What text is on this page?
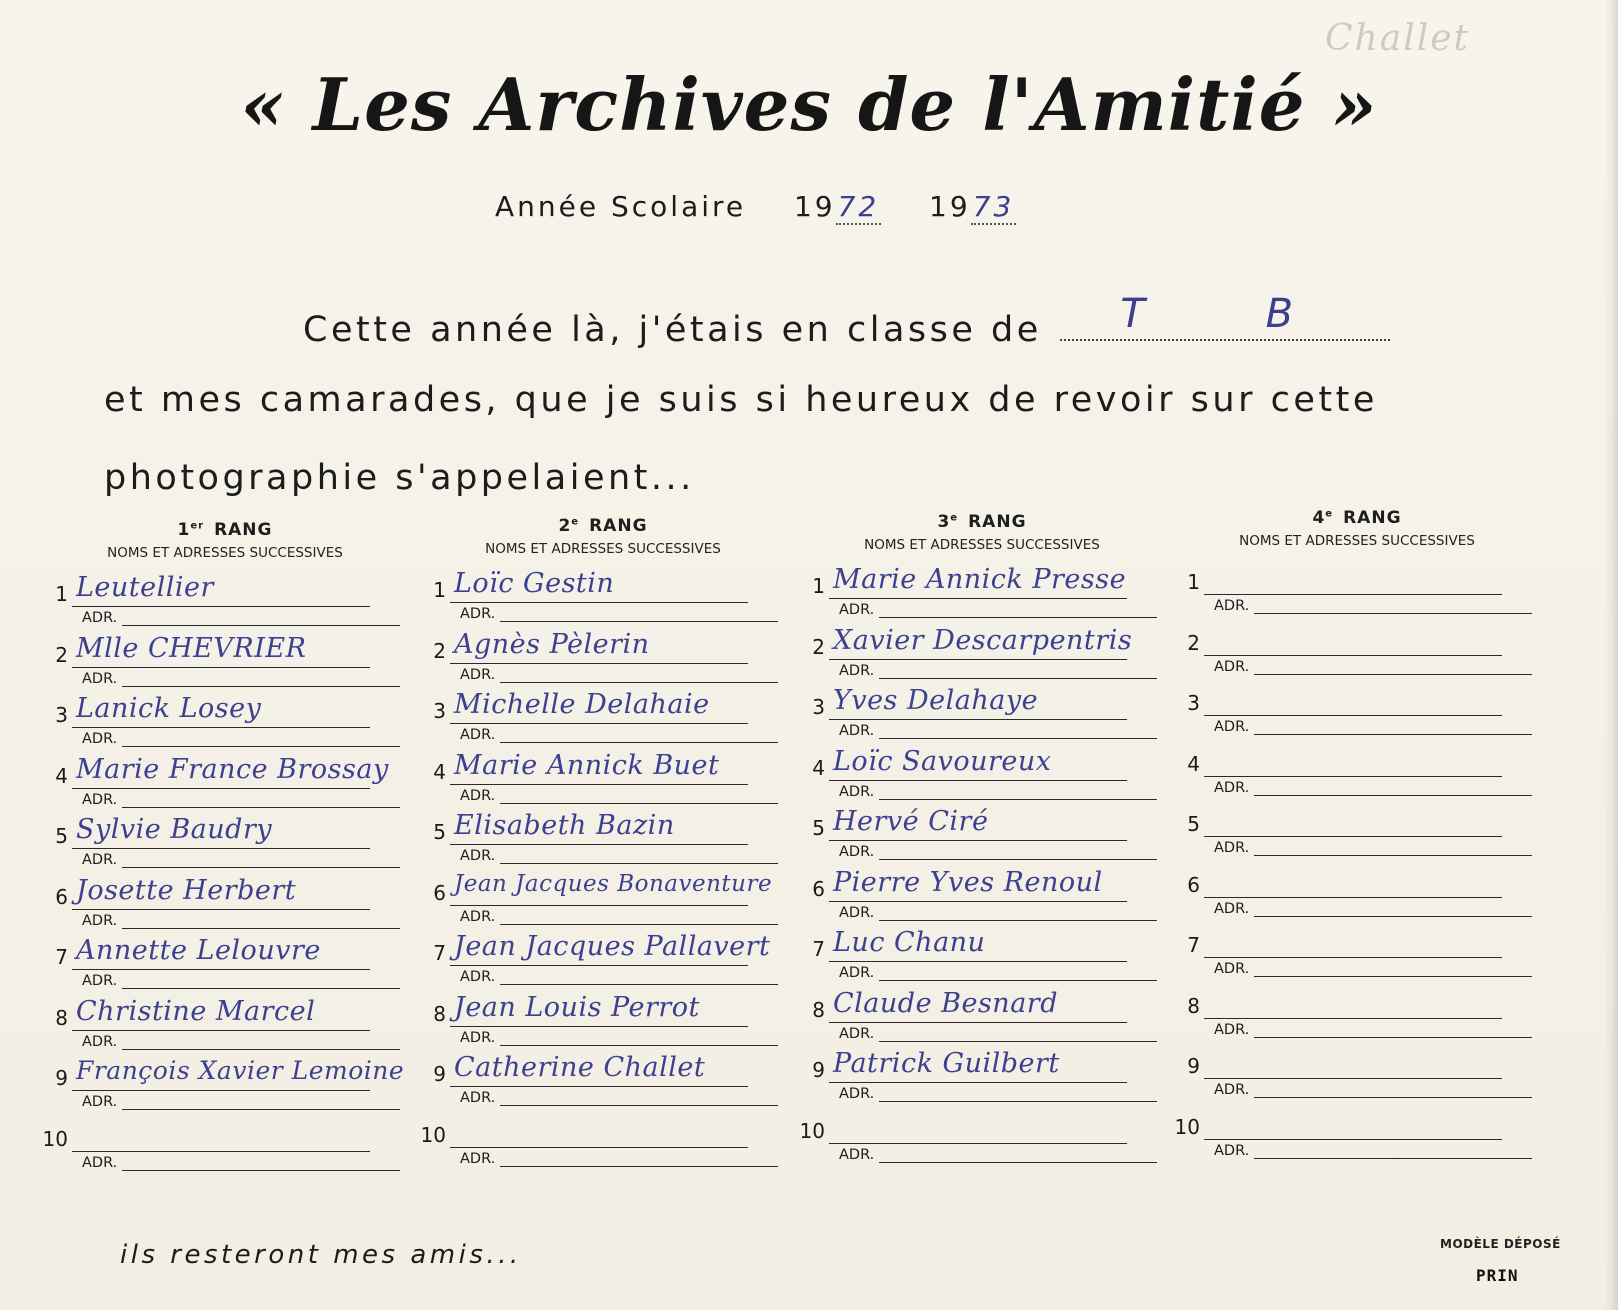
Challet
« Les Archives de l'Amitié »
Année Scolaire 1972 1973
Cette année là, j'étais en classe de T B
et mes camarades, que je suis si heureux de revoir sur cette
photographie s'appelaient...
1er RANG
NOMS ET ADRESSES SUCCESSIVES
1 Leutellier
ADR.
2 Mlle CHEVRIER
ADR.
3 Lanick Losey
ADR.
4 Marie France Brossay
ADR.
5 Sylvie Baudry
ADR.
6 Josette Herbert
ADR.
7 Annette Lelouvre
ADR.
8 Christine Marcel
ADR.
9 François Xavier Lemoine
ADR.
10
ADR.
2e RANG
NOMS ET ADRESSES SUCCESSIVES
1 Loïc Gestin
ADR.
2 Agnès Pèlerin
ADR.
3 Michelle Delahaie
ADR.
4 Marie Annick Buet
ADR.
5 Elisabeth Bazin
ADR.
6 Jean Jacques Bonaventure
ADR.
7 Jean Jacques Pallavert
ADR.
8 Jean Louis Perrot
ADR.
9 Catherine Challet
ADR.
10
ADR.
3e RANG
NOMS ET ADRESSES SUCCESSIVES
1 Marie Annick Presse
ADR.
2 Xavier Descarpentris
ADR.
3 Yves Delahaye
ADR.
4 Loïc Savoureux
ADR.
5 Hervé Ciré
ADR.
6 Pierre Yves Renoul
ADR.
7 Luc Chanu
ADR.
8 Claude Besnard
ADR.
9 Patrick Guilbert
ADR.
10
ADR.
4e RANG
NOMS ET ADRESSES SUCCESSIVES
1
ADR.
2
ADR.
3
ADR.
4
ADR.
5
ADR.
6
ADR.
7
ADR.
8
ADR.
9
ADR.
10
ADR.
ils resteront mes amis...	MODÈLE DÉPOSÉ
PRIN
